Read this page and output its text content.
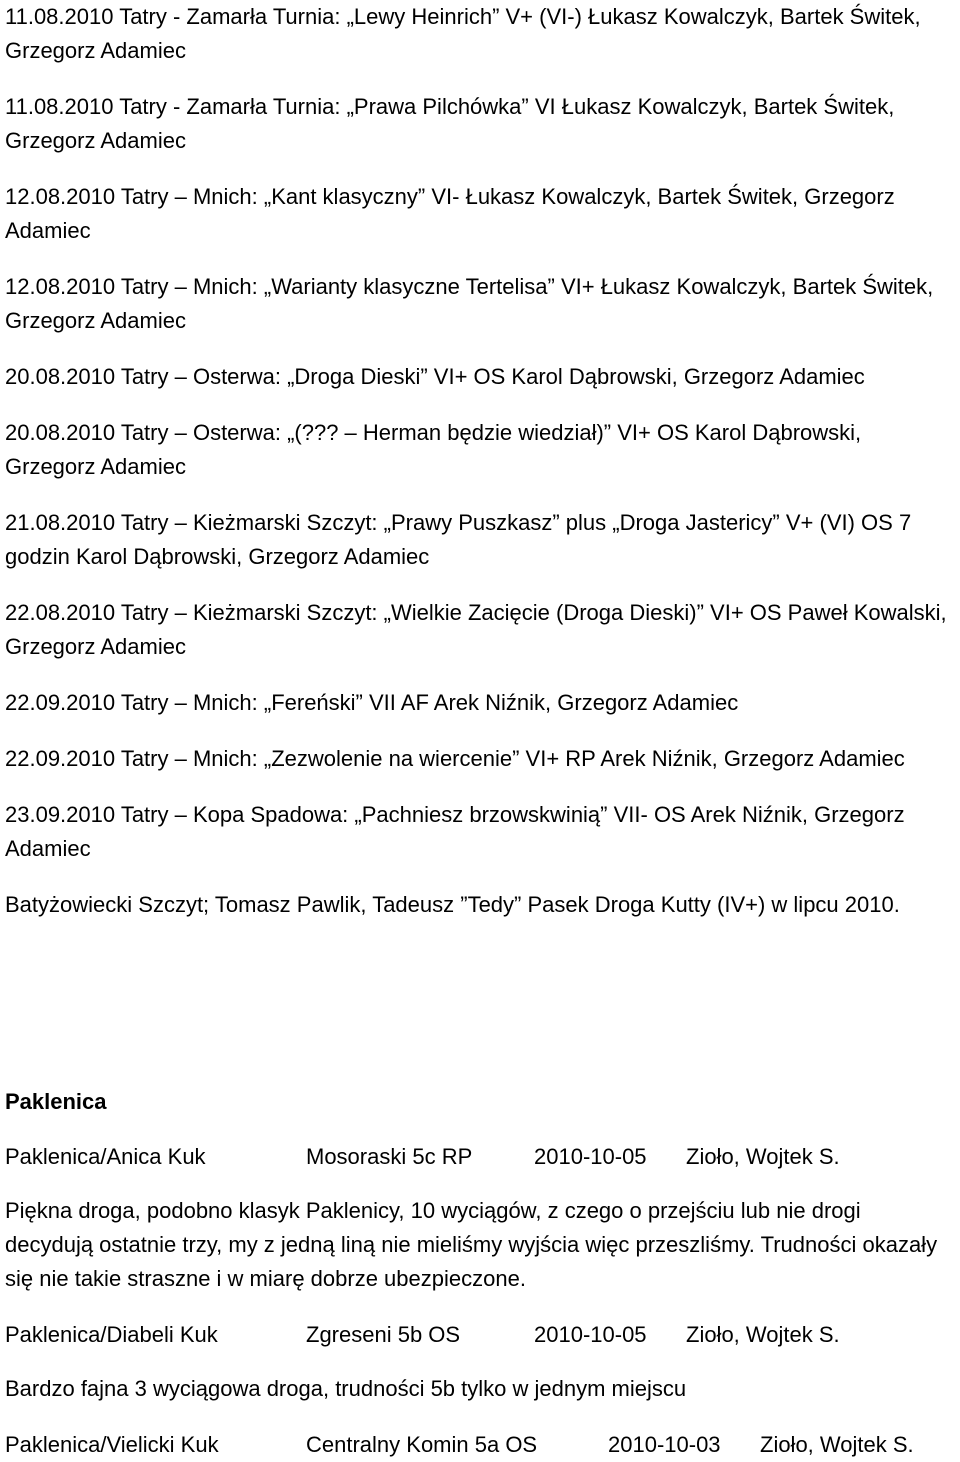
11.08.2010 Tatry - Zamarła Turnia: „Lewy Heinrich” V+ (VI-) Łukasz Kowalczyk, Bartek Świtek, Grzegorz Adamiec

11.08.2010 Tatry - Zamarła Turnia: „Prawa Pilchówka” VI Łukasz Kowalczyk, Bartek Świtek, Grzegorz Adamiec

12.08.2010 Tatry – Mnich: „Kant klasyczny” VI- Łukasz Kowalczyk, Bartek Świtek, Grzegorz Adamiec

12.08.2010 Tatry – Mnich: „Warianty klasyczne Tertelisa” VI+ Łukasz Kowalczyk, Bartek Świtek, Grzegorz Adamiec

20.08.2010 Tatry – Osterwa: „Droga Dieski” VI+ OS Karol Dąbrowski, Grzegorz Adamiec

20.08.2010 Tatry – Osterwa: „(??? – Herman będzie wiedział)” VI+ OS Karol Dąbrowski, Grzegorz Adamiec

21.08.2010 Tatry – Kieżmarski Szczyt: „Prawy Puszkasz” plus „Droga Jastericy” V+ (VI) OS 7 godzin Karol Dąbrowski, Grzegorz Adamiec

22.08.2010 Tatry – Kieżmarski Szczyt: „Wielkie Zacięcie (Droga Dieski)” VI+ OS Paweł Kowalski, Grzegorz Adamiec

22.09.2010 Tatry – Mnich: „Fereński” VII AF Arek Niźnik, Grzegorz Adamiec

22.09.2010 Tatry – Mnich: „Zezwolenie na wiercenie” VI+ RP Arek Niźnik, Grzegorz Adamiec

23.09.2010 Tatry – Kopa Spadowa: „Pachniesz brzowskwinią” VII- OS Arek Niźnik, Grzegorz Adamiec

Batyżowiecki Szczyt; Tomasz Pawlik, Tadeusz ”Tedy” Pasek Droga Kutty (IV+) w lipcu 2010.

Paklenica
Paklenica/Anica Kuk	Mosoraski 5c RP	2010-10-05	Zioło, Wojtek S.

Piękna droga, podobno klasyk Paklenicy, 10 wyciągów, z czego o przejściu lub nie drogi decydują ostatnie trzy, my z jedną liną nie mieliśmy wyjścia więc przeszliśmy. Trudności okazały się nie takie straszne i w miarę dobrze ubezpieczone.

Paklenica/Diabeli Kuk	Zgreseni 5b OS	2010-10-05	Zioło, Wojtek S.

Bardzo fajna 3 wyciągowa droga, trudności 5b tylko w jednym miejscu

Paklenica/Vielicki Kuk	Centralny Komin 5a OS	2010-10-03	Zioło, Wojtek S.
